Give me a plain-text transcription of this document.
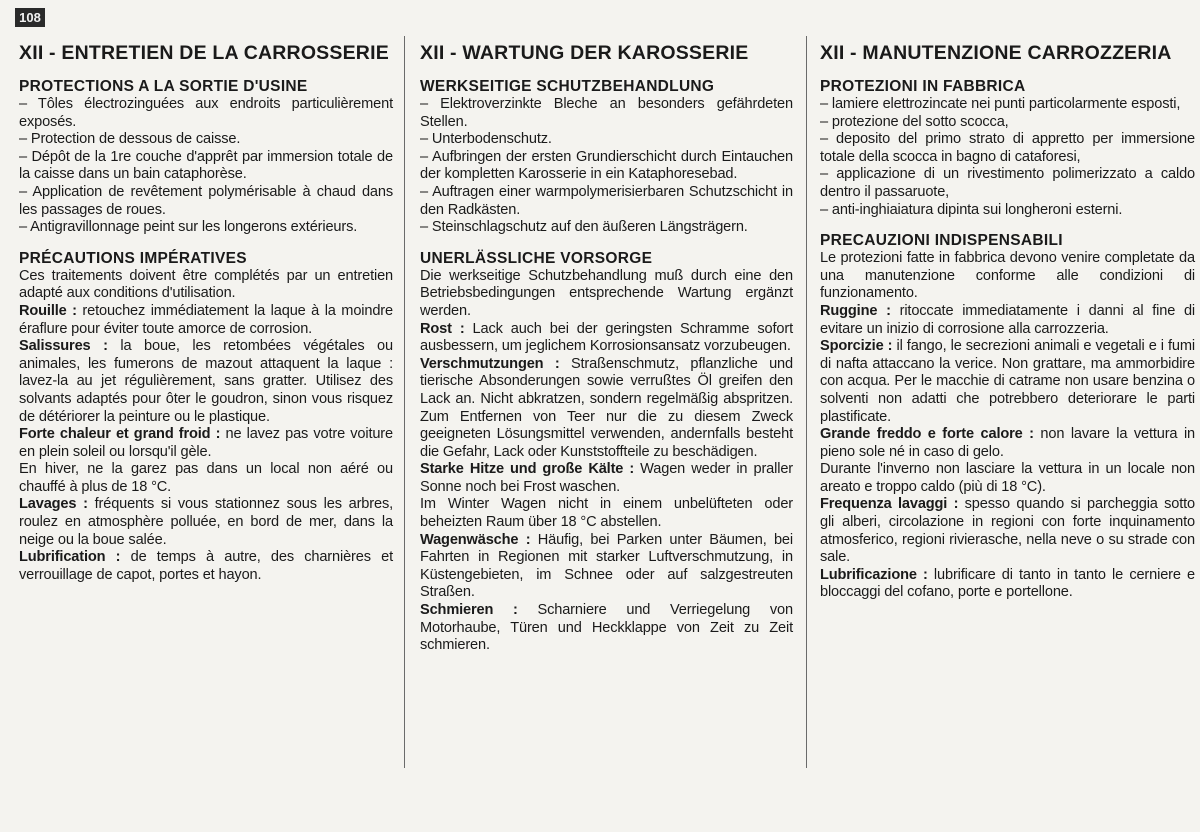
108
XII - ENTRETIEN DE LA CARROSSERIE
PROTECTIONS A LA SORTIE D'USINE
– Tôles électrozinguées aux endroits particulièrement exposés.
– Protection de dessous de caisse.
– Dépôt de la 1re couche d'apprêt par immersion totale de la caisse dans un bain cataphorèse.
– Application de revêtement polymérisable à chaud dans les passages de roues.
– Antigravillonnage peint sur les longerons extérieurs.
PRÉCAUTIONS IMPÉRATIVES

Ces traitements doivent être complétés par un entretien adapté aux conditions d'utilisation.

Rouille : retouchez immédiatement la laque à la moindre éraflure pour éviter toute amorce de corrosion.

Salissures : la boue, les retombées végétales ou animales, les fumerons de mazout attaquent la laque : lavez-la au jet régulièrement, sans gratter. Utilisez des solvants adaptés pour ôter le goudron, sinon vous risquez de détériorer la peinture ou le plastique.

Forte chaleur et grand froid : ne lavez pas votre voiture en plein soleil ou lorsqu'il gèle.

En hiver, ne la garez pas dans un local non aéré ou chauffé à plus de 18 °C.

Lavages : fréquents si vous stationnez sous les arbres, roulez en atmosphère polluée, en bord de mer, dans la neige ou la boue salée.

Lubrification : de temps à autre, des charnières et verrouillage de capot, portes et hayon.

XII - WARTUNG DER KAROSSERIE
WERKSEITIGE SCHUTZBEHANDLUNG
– Elektroverzinkte Bleche an besonders gefährdeten Stellen.
– Unterbodenschutz.
– Aufbringen der ersten Grundierschicht durch Eintauchen der kompletten Karosserie in ein Kataphoresebad.
– Auftragen einer warmpolymerisierbaren Schutzschicht in den Radkästen.
– Steinschlagschutz auf den äußeren Längsträgern.
UNERLÄSSLICHE VORSORGE

Die werkseitige Schutzbehandlung muß durch eine den Betriebsbedingungen entsprechende Wartung ergänzt werden.

Rost : Lack auch bei der geringsten Schramme sofort ausbessern, um jeglichem Korrosionsansatz vorzubeugen.

Verschmutzungen : Straßenschmutz, pflanzliche und tierische Absonderungen sowie verrußtes Öl greifen den Lack an. Nicht abkratzen, sondern regelmäßig abspritzen. Zum Entfernen von Teer nur die zu diesem Zweck geeigneten Lösungsmittel verwenden, andernfalls besteht die Gefahr, Lack oder Kunststoffteile zu beschädigen.

Starke Hitze und große Kälte : Wagen weder in praller Sonne noch bei Frost waschen.

Im Winter Wagen nicht in einem unbelüfteten oder beheizten Raum über 18 °C abstellen.

Wagenwäsche : Häufig, bei Parken unter Bäumen, bei Fahrten in Regionen mit starker Luftverschmutzung, in Küstengebieten, im Schnee oder auf salzgestreuten Straßen.

Schmieren : Scharniere und Verriegelung von Motorhaube, Türen und Heckklappe von Zeit zu Zeit schmieren.

XII - MANUTENZIONE CARROZZERIA
PROTEZIONI IN FABBRICA
– lamiere elettrozincate nei punti particolarmente esposti,
– protezione del sotto scocca,
– deposito del primo strato di appretto per immersione totale della scocca in bagno di cataforesi,
– applicazione di un rivestimento polimerizzato a caldo dentro il passaruote,
– anti-inghiaiatura dipinta sui longheroni esterni.
PRECAUZIONI INDISPENSABILI

Le protezioni fatte in fabbrica devono venire completate da una manutenzione conforme alle condizioni di funzionamento.

Ruggine : ritoccate immediatamente i danni al fine di evitare un inizio di corrosione alla carrozzeria.

Sporcizie : il fango, le secrezioni animali e vegetali e i fumi di nafta attaccano la verice. Non grattare, ma ammorbidire con acqua. Per le macchie di catrame non usare benzina o solventi non adatti che potrebbero deteriorare le parti plastificate.

Grande freddo e forte calore : non lavare la vettura in pieno sole né in caso di gelo.

Durante l'inverno non lasciare la vettura in un locale non areato e troppo caldo (più di 18 °C).

Frequenza lavaggi : spesso quando si parcheggia sotto gli alberi, circolazione in regioni con forte inquinamento atmosferico, regioni rivierasche, nella neve o su strade con sale.

Lubrificazione : lubrificare di tanto in tanto le cerniere e bloccaggi del cofano, porte e portellone.
